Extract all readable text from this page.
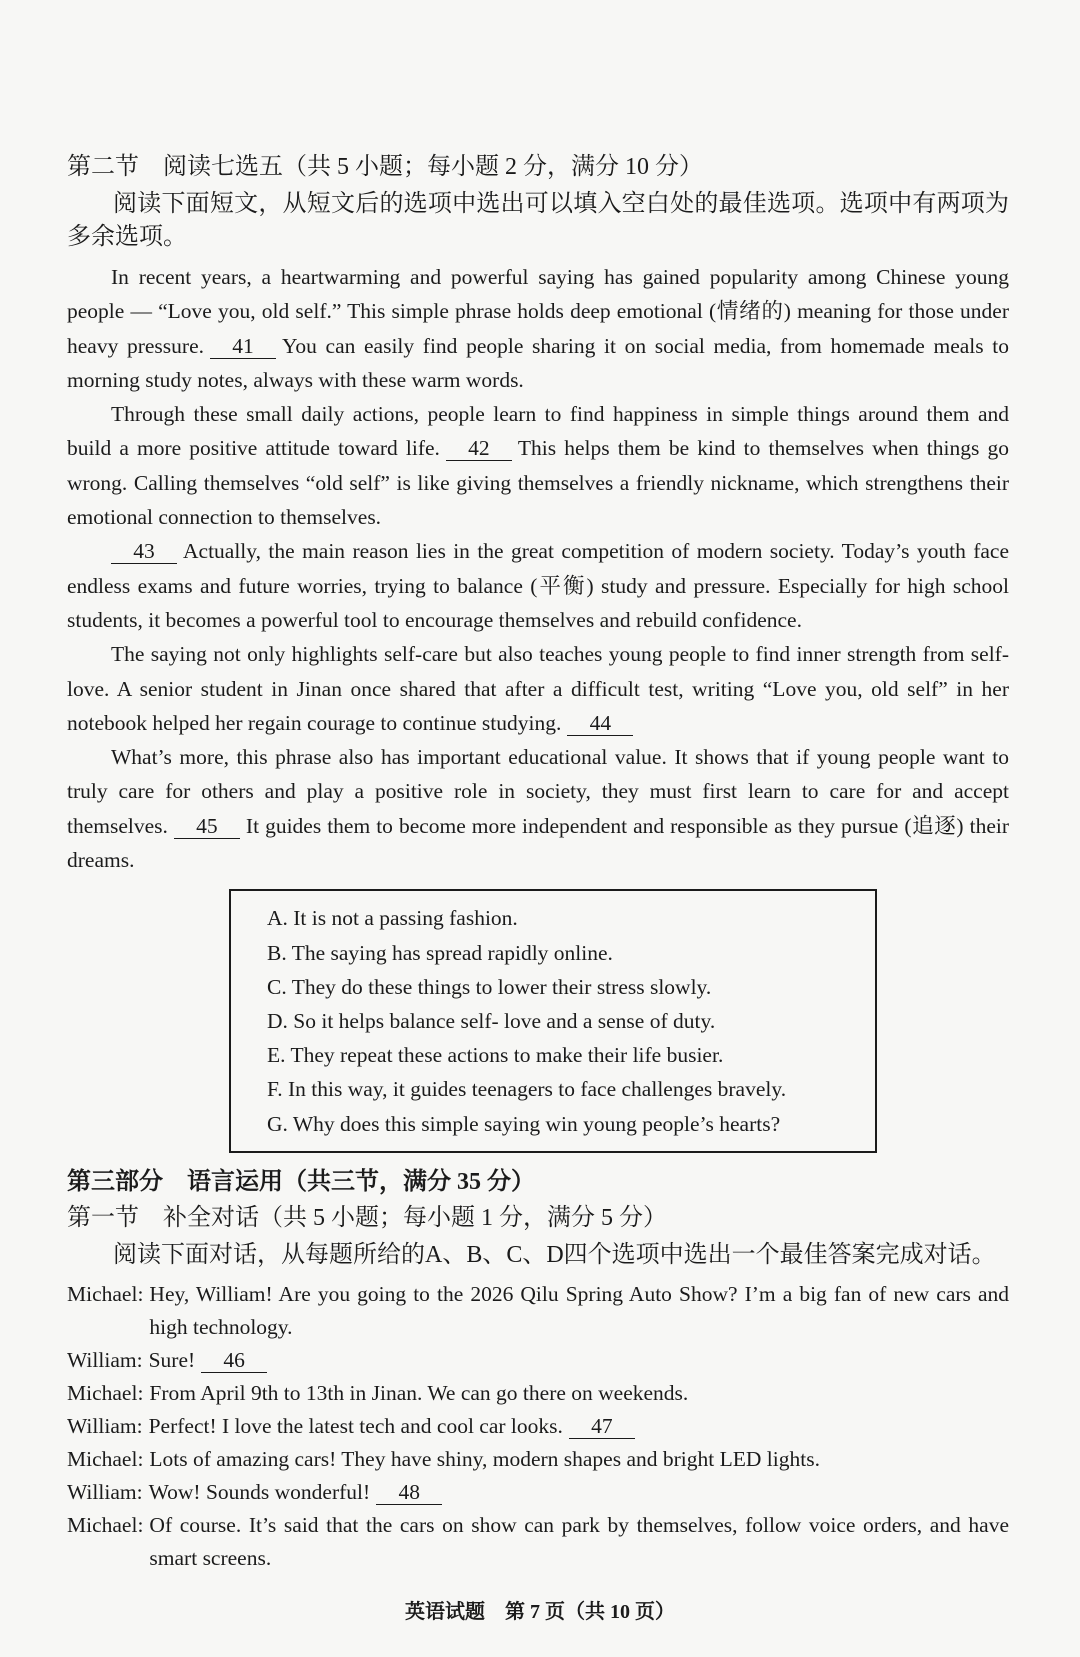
第二节　阅读七选五（共 5 小题；每小题 2 分，满分 10 分）
阅读下面短文，从短文后的选项中选出可以填入空白处的最佳选项。选项中有两项为多余选项。

In recent years, a heartwarming and powerful saying has gained popularity among Chinese young people — “Love you, old self.” This simple phrase holds deep emotional (情绪的) meaning for those under heavy pressure. 41 You can easily find people sharing it on social media, from homemade meals to morning study notes, always with these warm words.

Through these small daily actions, people learn to find happiness in simple things around them and build a more positive attitude toward life. 42 This helps them be kind to themselves when things go wrong. Calling themselves “old self” is like giving themselves a friendly nickname, which strengthens their emotional connection to themselves.

43 Actually, the main reason lies in the great competition of modern society. Today’s youth face endless exams and future worries, trying to balance (平衡) study and pressure. Especially for high school students, it becomes a powerful tool to encourage themselves and rebuild confidence.

The saying not only highlights self-care but also teaches young people to find inner strength from self-love. A senior student in Jinan once shared that after a difficult test, writing “Love you, old self” in her notebook helped her regain courage to continue studying. 44

What’s more, this phrase also has important educational value. It shows that if young people want to truly care for others and play a positive role in society, they must first learn to care for and accept themselves. 45 It guides them to become more independent and responsible as they pursue (追逐) their dreams.

A. It is not a passing fashion.
B. The saying has spread rapidly online.
C. They do these things to lower their stress slowly.
D. So it helps balance self- love and a sense of duty.
E. They repeat these actions to make their life busier.
F. In this way, it guides teenagers to face challenges bravely.
G. Why does this simple saying win young people’s hearts?
第三部分　语言运用（共三节，满分 35 分）
第一节　补全对话（共 5 小题；每小题 1 分，满分 5 分）
阅读下面对话，从每题所给的A、B、C、D四个选项中选出一个最佳答案完成对话。
Michael: Hey, William! Are you going to the 2026 Qilu Spring Auto Show? I’m a big fan of new cars and high technology.
William: Sure! 46
Michael: From April 9th to 13th in Jinan. We can go there on weekends.
William: Perfect! I love the latest tech and cool car looks. 47
Michael: Lots of amazing cars! They have shiny, modern shapes and bright LED lights.
William: Wow! Sounds wonderful! 48
Michael: Of course. It’s said that the cars on show can park by themselves, follow voice orders, and have smart screens.
英语试题　第 7 页（共 10 页）
